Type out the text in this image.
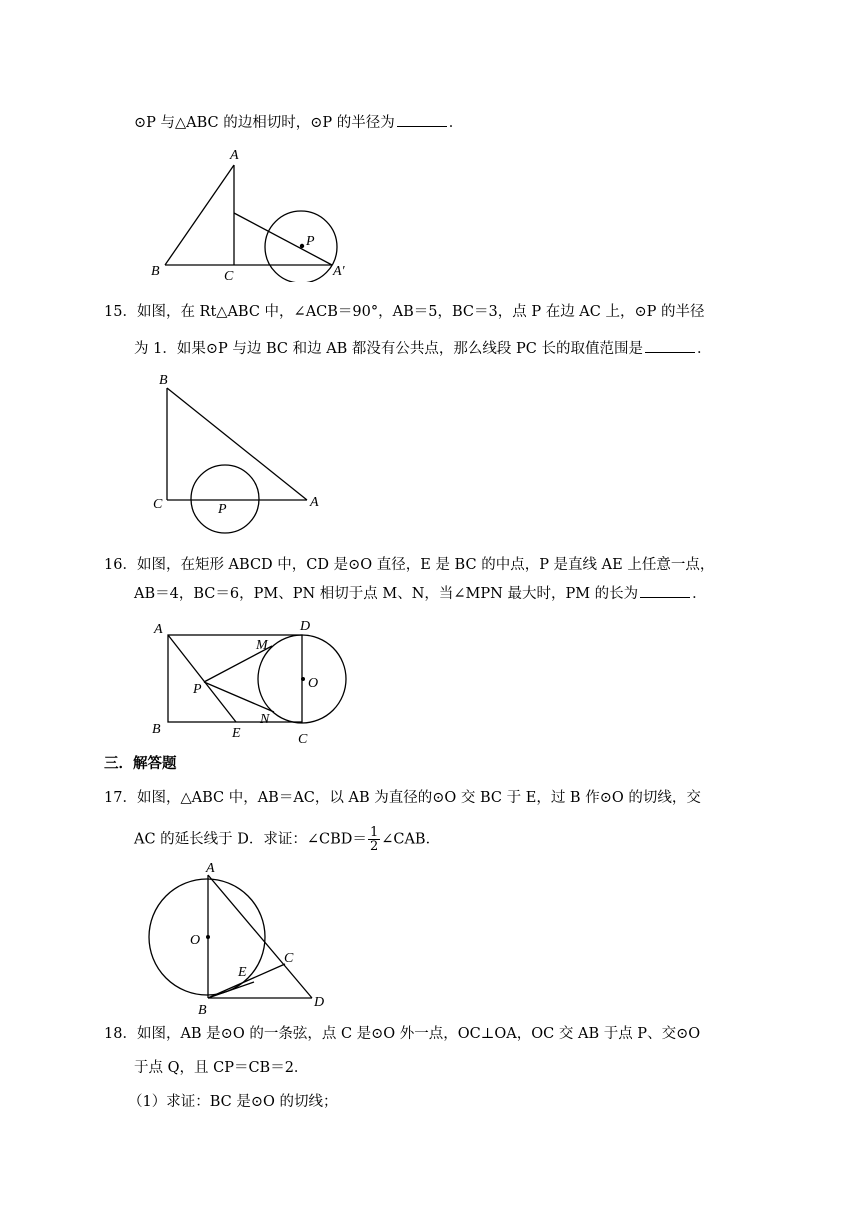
⊙P 与△ABC 的边相切时，⊙P 的半径为	．
A
B	C
P
A′
15．如图，在 Rt△ABC 中，∠ACB＝90°，AB＝5，BC＝3，点 P 在边 AC 上，⊙P 的半径
为 1．如果⊙P 与边 BC 和边 AB 都没有公共点，那么线段 PC 长的取值范围是	．
B
C	A
P
16．如图，在矩形 ABCD 中，CD 是⊙O 直径，E 是 BC 的中点，P 是直线 AE 上任意一点，
AB＝4，BC＝6，PM、PN 相切于点 M、N，当∠MPN 最大时，PM 的长为	．
A
B
C
D
E
M
N
O
P
三．解答题
17．如图，△ABC 中，AB＝AC，以 AB 为直径的⊙O 交 BC 于 E，过 B 作⊙O 的切线，交
AC 的延长线于 D．求证：∠CBD＝ $\frac{1}{2}$ ∠CAB．
A
B
C
D
E
O
18．如图，AB 是⊙O 的一条弦，点 C 是⊙O 外一点，OC⊥OA，OC 交 AB 于点 P、交⊙O
于点 Q，且 CP＝CB＝2．
（1）求证：BC 是⊙O 的切线；
